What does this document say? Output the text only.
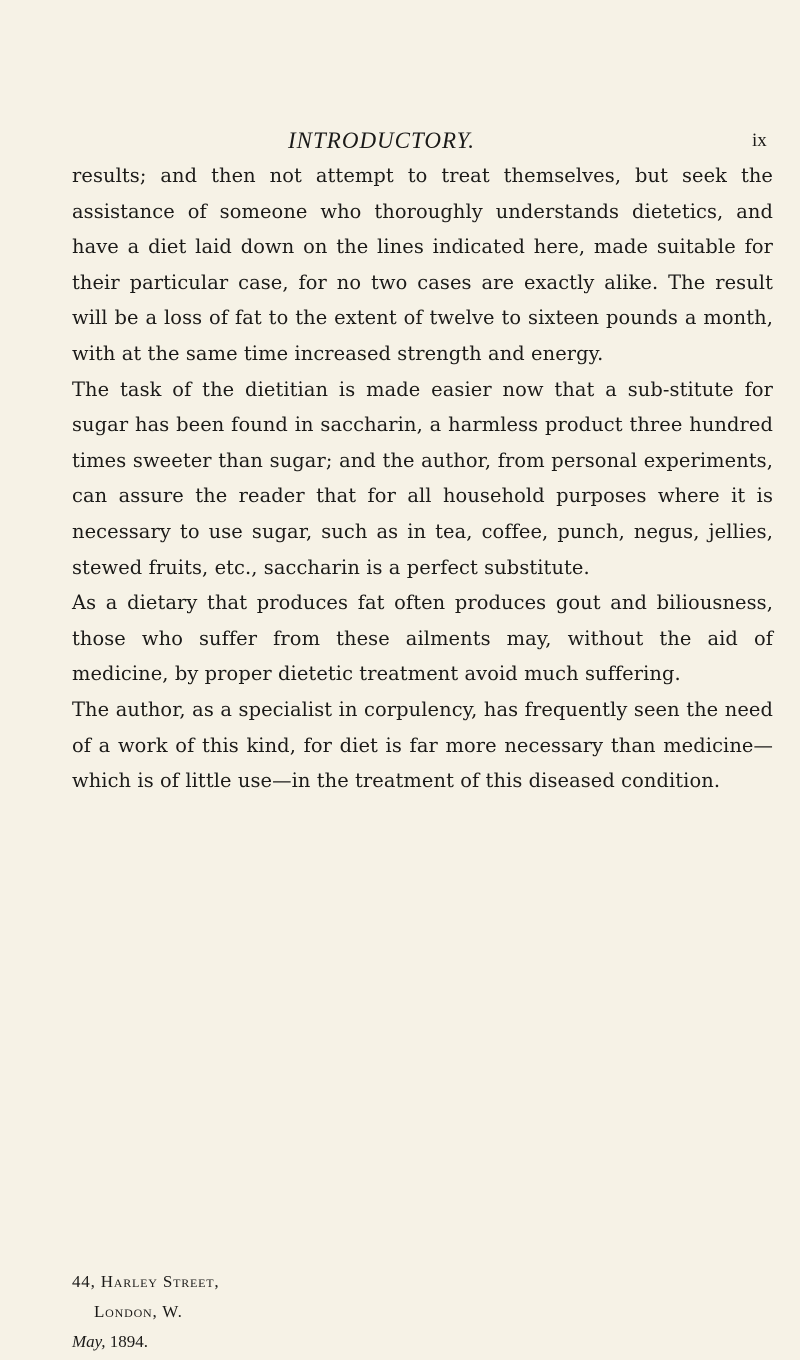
INTRODUCTORY.	ix

results; and then not attempt to treat themselves, but seek the assistance of someone who thoroughly understands dietetics, and have a diet laid down on the lines indicated here, made suitable for their particular case, for no two cases are exactly alike. The result will be a loss of fat to the extent of twelve to sixteen pounds a month, with at the same time increased strength and energy.

The task of the dietitian is made easier now that a sub-stitute for sugar has been found in saccharin, a harmless product three hundred times sweeter than sugar; and the author, from personal experiments, can assure the reader that for all household purposes where it is necessary to use sugar, such as in tea, coffee, punch, negus, jellies, stewed fruits, etc., saccharin is a perfect substitute.

As a dietary that produces fat often produces gout and biliousness, those who suffer from these ailments may, without the aid of medicine, by proper dietetic treatment avoid much suffering.

The author, as a specialist in corpulency, has frequently seen the need of a work of this kind, for diet is far more necessary than medicine—which is of little use—in the treatment of this diseased condition.

44, Harley Street,
London, W.
May, 1894.
